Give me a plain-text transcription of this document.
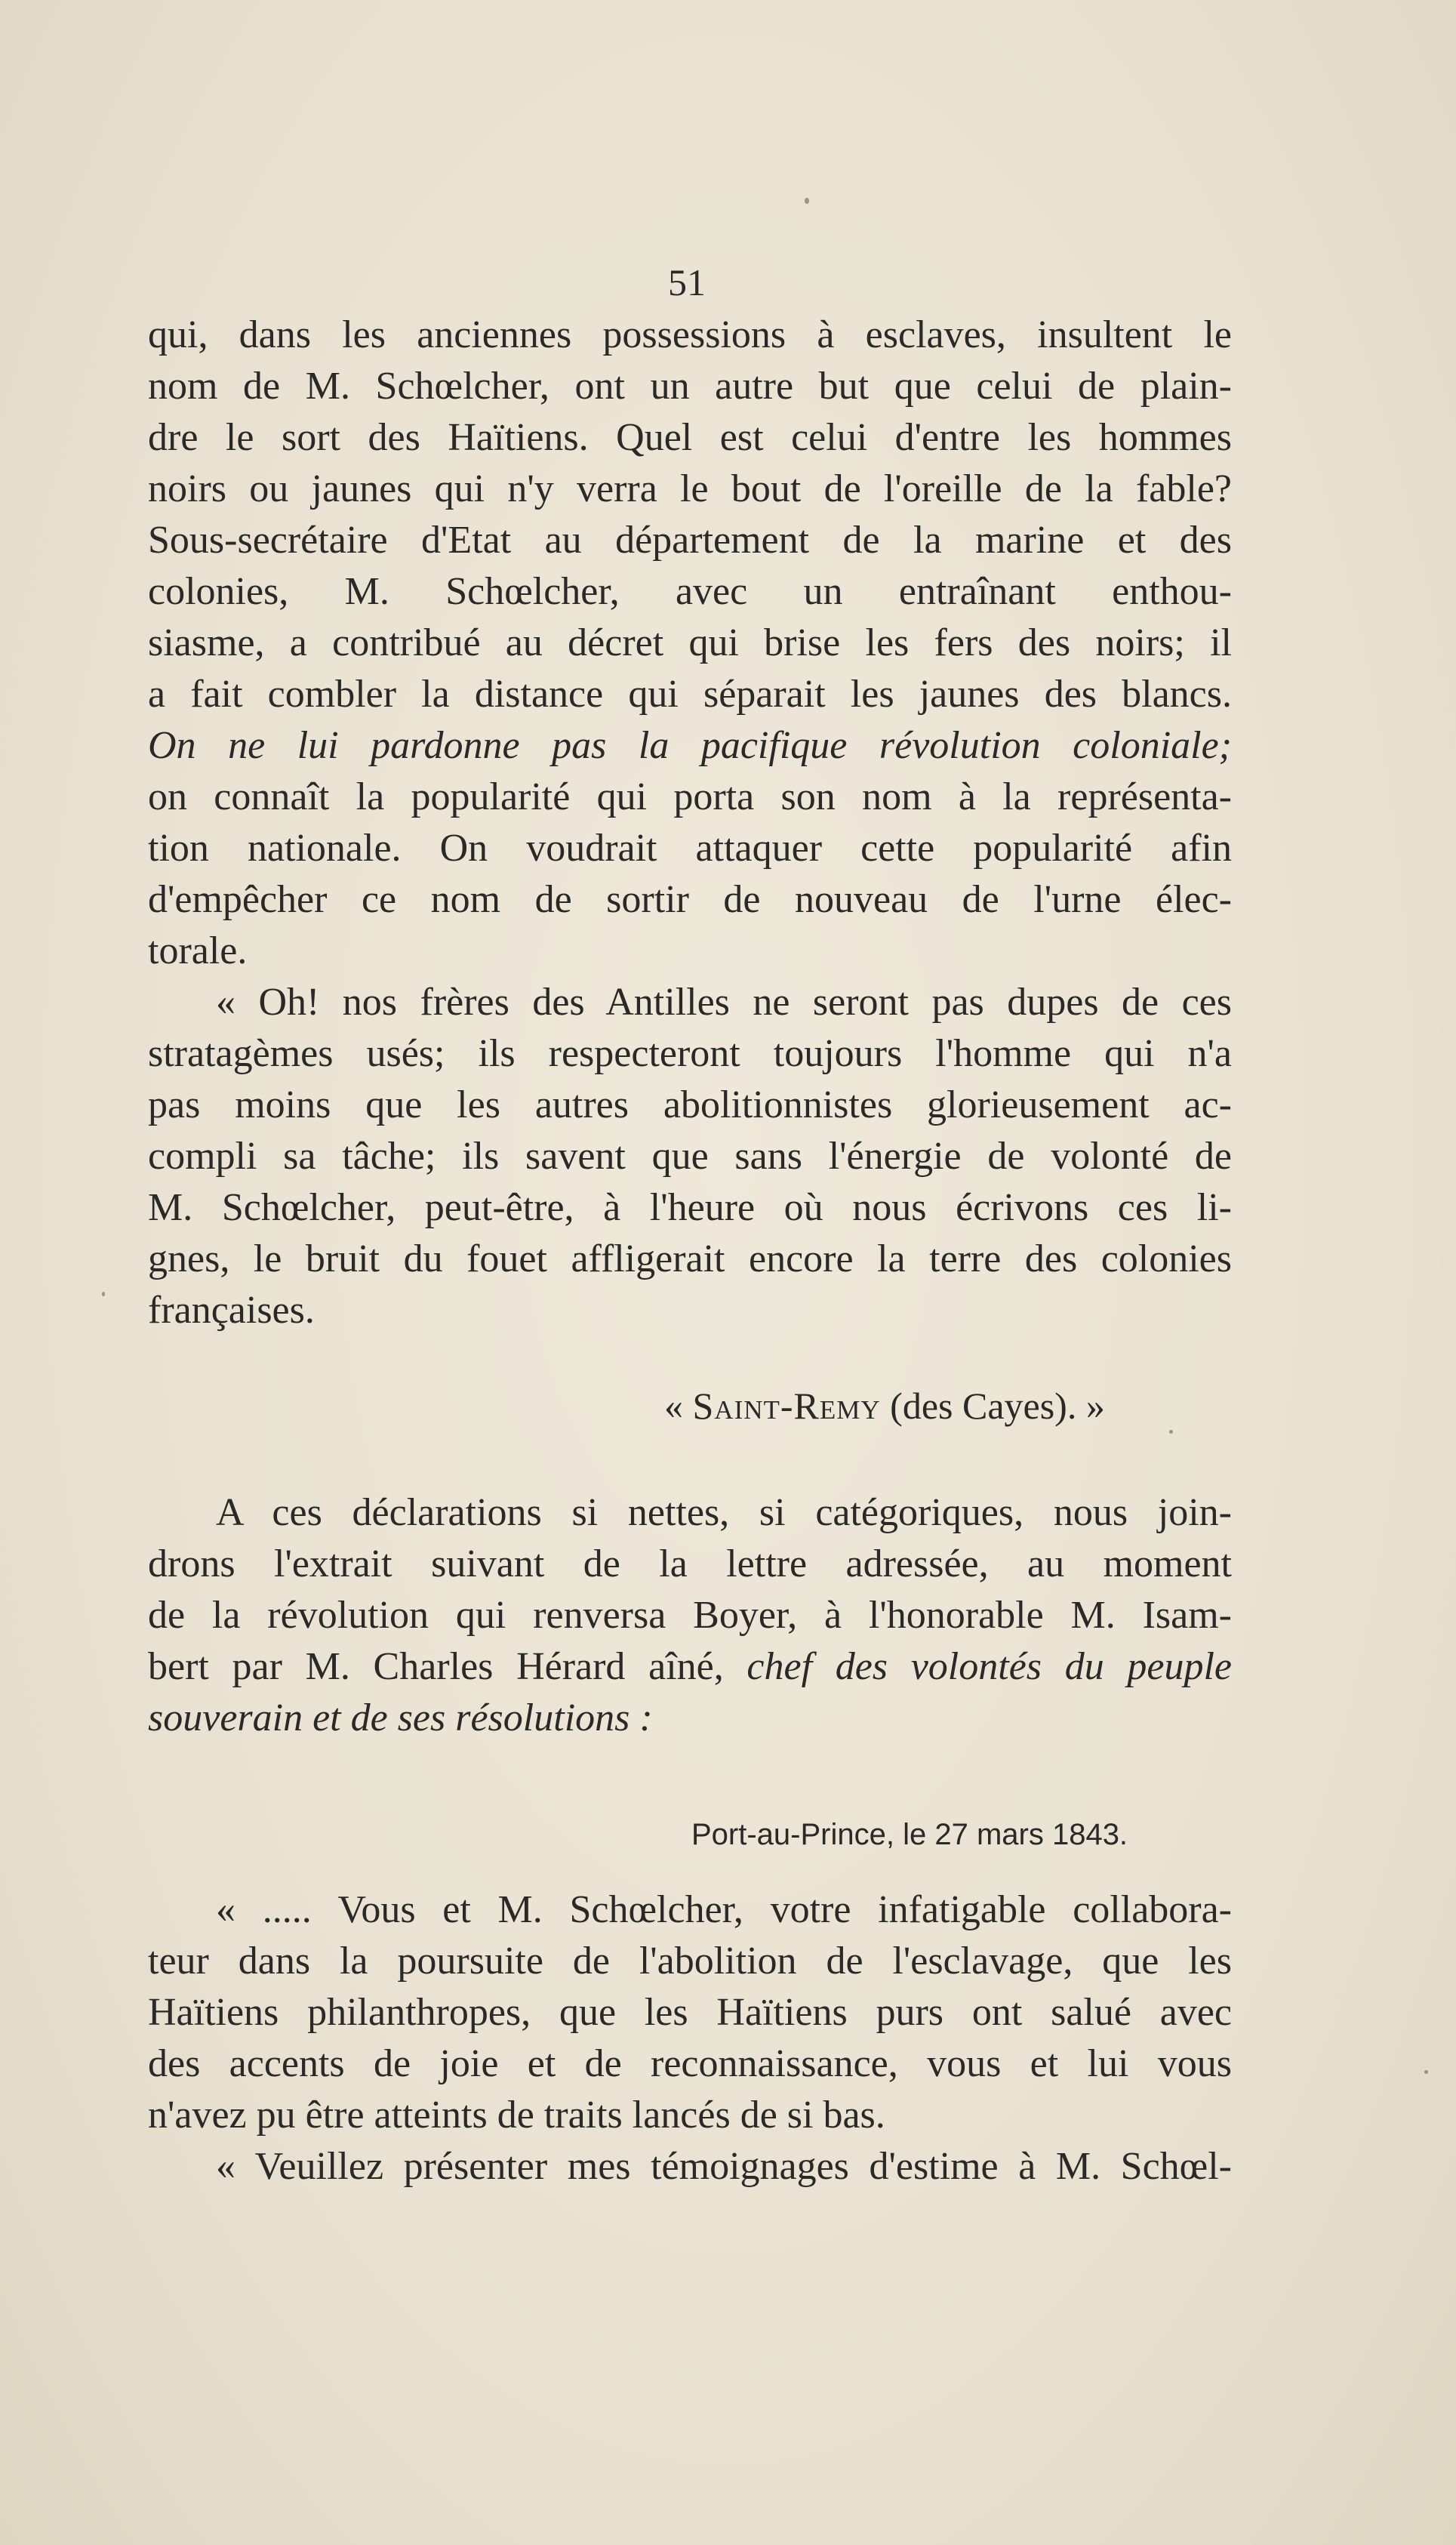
51
qui, dans les anciennes possessions à esclaves, insultent le
nom de M. Schœlcher, ont un autre but que celui de plain-
dre le sort des Haïtiens. Quel est celui d'entre les hommes
noirs ou jaunes qui n'y verra le bout de l'oreille de la fable?
Sous-secrétaire d'Etat au département de la marine et des
colonies, M. Schœlcher, avec un entraînant enthou-
siasme, a contribué au décret qui brise les fers des noirs; il
a fait combler la distance qui séparait les jaunes des blancs.
On ne lui pardonne pas la pacifique révolution coloniale;
on connaît la popularité qui porta son nom à la représenta-
tion nationale. On voudrait attaquer cette popularité afin
d'empêcher ce nom de sortir de nouveau de l'urne élec-
torale.
« Oh! nos frères des Antilles ne seront pas dupes de ces
stratagèmes usés; ils respecteront toujours l'homme qui n'a
pas moins que les autres abolitionnistes glorieusement ac-
compli sa tâche; ils savent que sans l'énergie de volonté de
M. Schœlcher, peut-être, à l'heure où nous écrivons ces li-
gnes, le bruit du fouet affligerait encore la terre des colonies
françaises.
« Saint-Remy (des Cayes). »
A ces déclarations si nettes, si catégoriques, nous join-
drons l'extrait suivant de la lettre adressée, au moment
de la révolution qui renversa Boyer, à l'honorable M. Isam-
bert par M. Charles Hérard aîné, chef des volontés du peuple
souverain et de ses résolutions :
Port-au-Prince, le 27 mars 1843.
« ..... Vous et M. Schœlcher, votre infatigable collabora-
teur dans la poursuite de l'abolition de l'esclavage, que les
Haïtiens philanthropes, que les Haïtiens purs ont salué avec
des accents de joie et de reconnaissance, vous et lui vous
n'avez pu être atteints de traits lancés de si bas.
« Veuillez présenter mes témoignages d'estime à M. Schœl-
